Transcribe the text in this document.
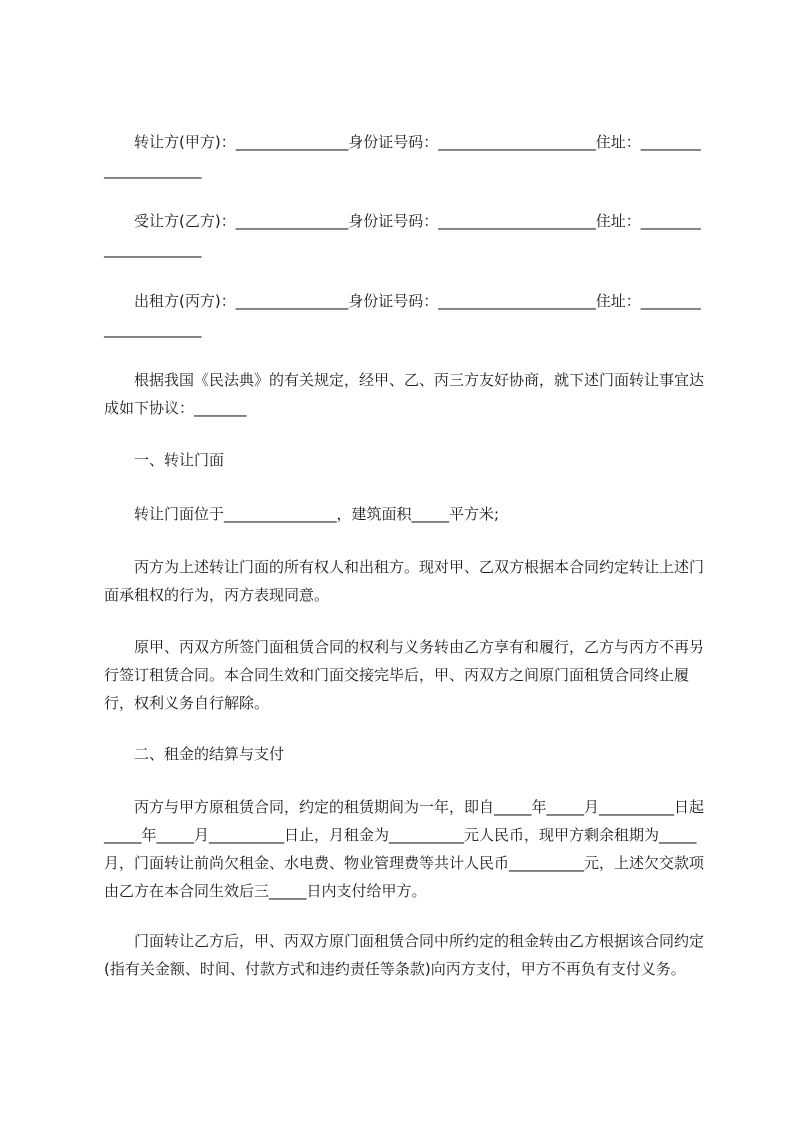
转让方(甲方)：_______________身份证号码：_____________________住址：_____________________

受让方(乙方)：_______________身份证号码：_____________________住址：_____________________

出租方(丙方)：_______________身份证号码：_____________________住址：_____________________

根据我国《民法典》的有关规定，经甲、乙、丙三方友好协商，就下述门面转让事宜达成如下协议：_______

一、转让门面

转让门面位于_______________，建筑面积_____平方米;

丙方为上述转让门面的所有权人和出租方。现对甲、乙双方根据本合同约定转让上述门面承租权的行为，丙方表现同意。

原甲、丙双方所签门面租赁合同的权利与义务转由乙方享有和履行，乙方与丙方不再另行签订租赁合同。本合同生效和门面交接完毕后，甲、丙双方之间原门面租赁合同终止履行，权利义务自行解除。

二、租金的结算与支付

丙方与甲方原租赁合同，约定的租赁期间为一年，即自_____年_____月__________日起_____年_____月__________日止，月租金为__________元人民币，现甲方剩余租期为_____月，门面转让前尚欠租金、水电费、物业管理费等共计人民币__________元，上述欠交款项由乙方在本合同生效后三_____日内支付给甲方。

门面转让乙方后，甲、丙双方原门面租赁合同中所约定的租金转由乙方根据该合同约定(指有关金额、时间、付款方式和违约责任等条款)向丙方支付，甲方不再负有支付义务。
